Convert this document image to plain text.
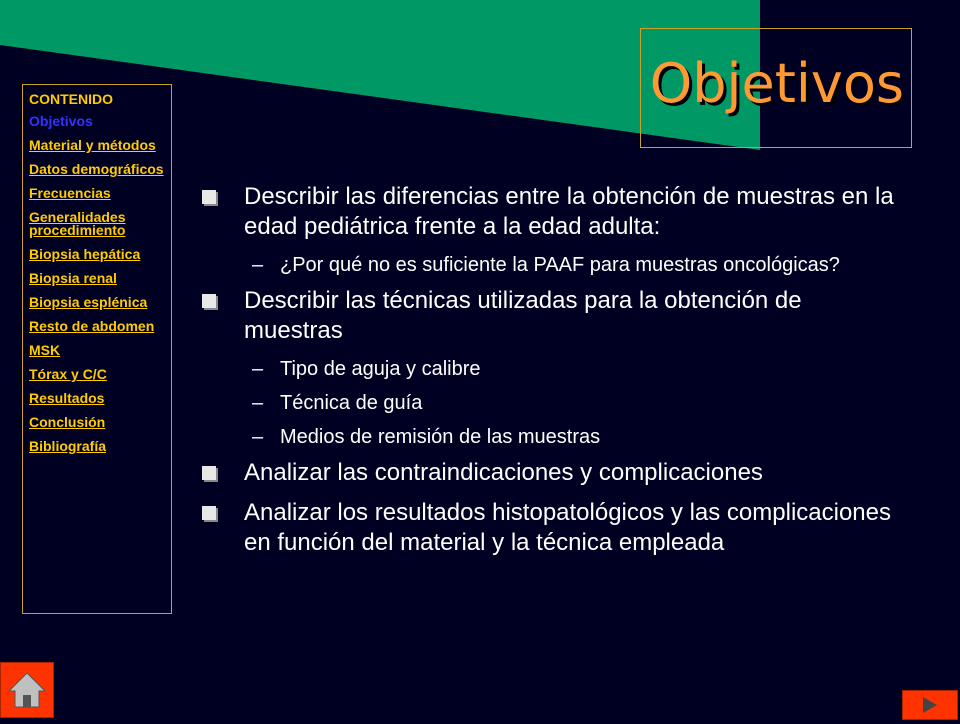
Objetivos
CONTENIDO
Objetivos
Material y métodos
Datos demográficos
Frecuencias
Generalidades procedimiento
Biopsia hepática
Biopsia renal
Biopsia esplénica
Resto de abdomen
MSK
Tórax y C/C
Resultados
Conclusión
Bibliografía
Describir las diferencias entre la obtención de muestras en la edad pediátrica frente a la edad adulta:
– ¿Por qué no es suficiente la PAAF para muestras oncológicas?
Describir las técnicas utilizadas para la obtención de muestras
– Tipo de aguja y calibre
– Técnica de guía
– Medios de remisión de las muestras
Analizar las contraindicaciones y complicaciones
Analizar los resultados histopatológicos y las complicaciones en función del material y la técnica empleada
